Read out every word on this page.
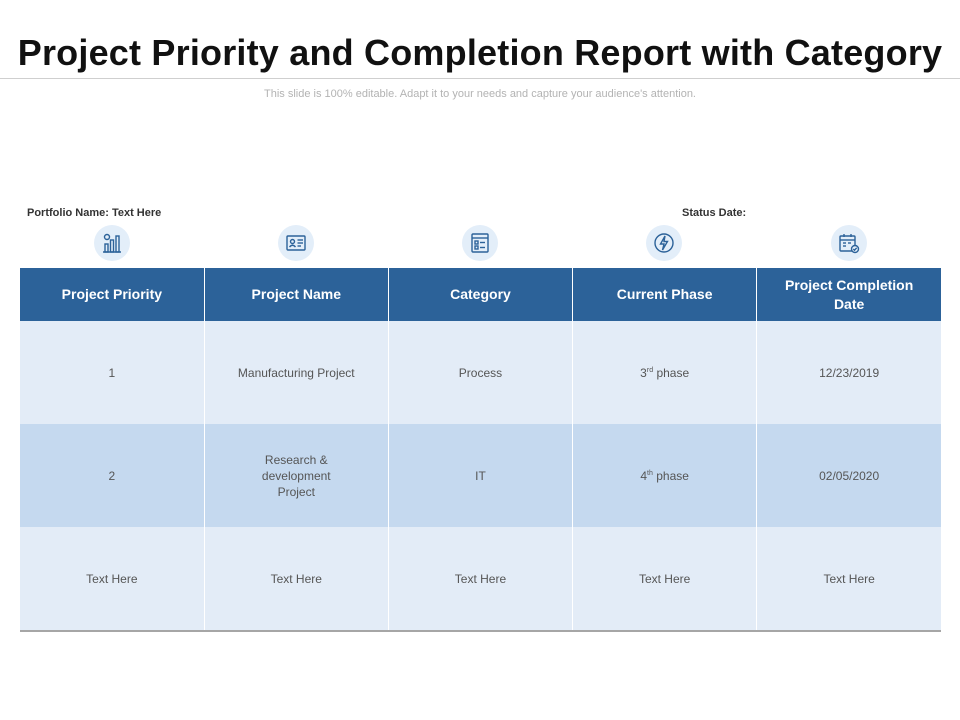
Project Priority and Completion Report with Category
This slide is 100% editable. Adapt it to your needs and capture your audience's attention.
Portfolio Name: Text Here	Status Date:
Project Priority	Project Name	Category	Current Phase	Project Completion Date
1	Manufacturing Project	Process	3rd phase	12/23/2019
2	Research & development Project	IT	4th phase	02/05/2020
Text Here	Text Here	Text Here	Text Here	Text Here
